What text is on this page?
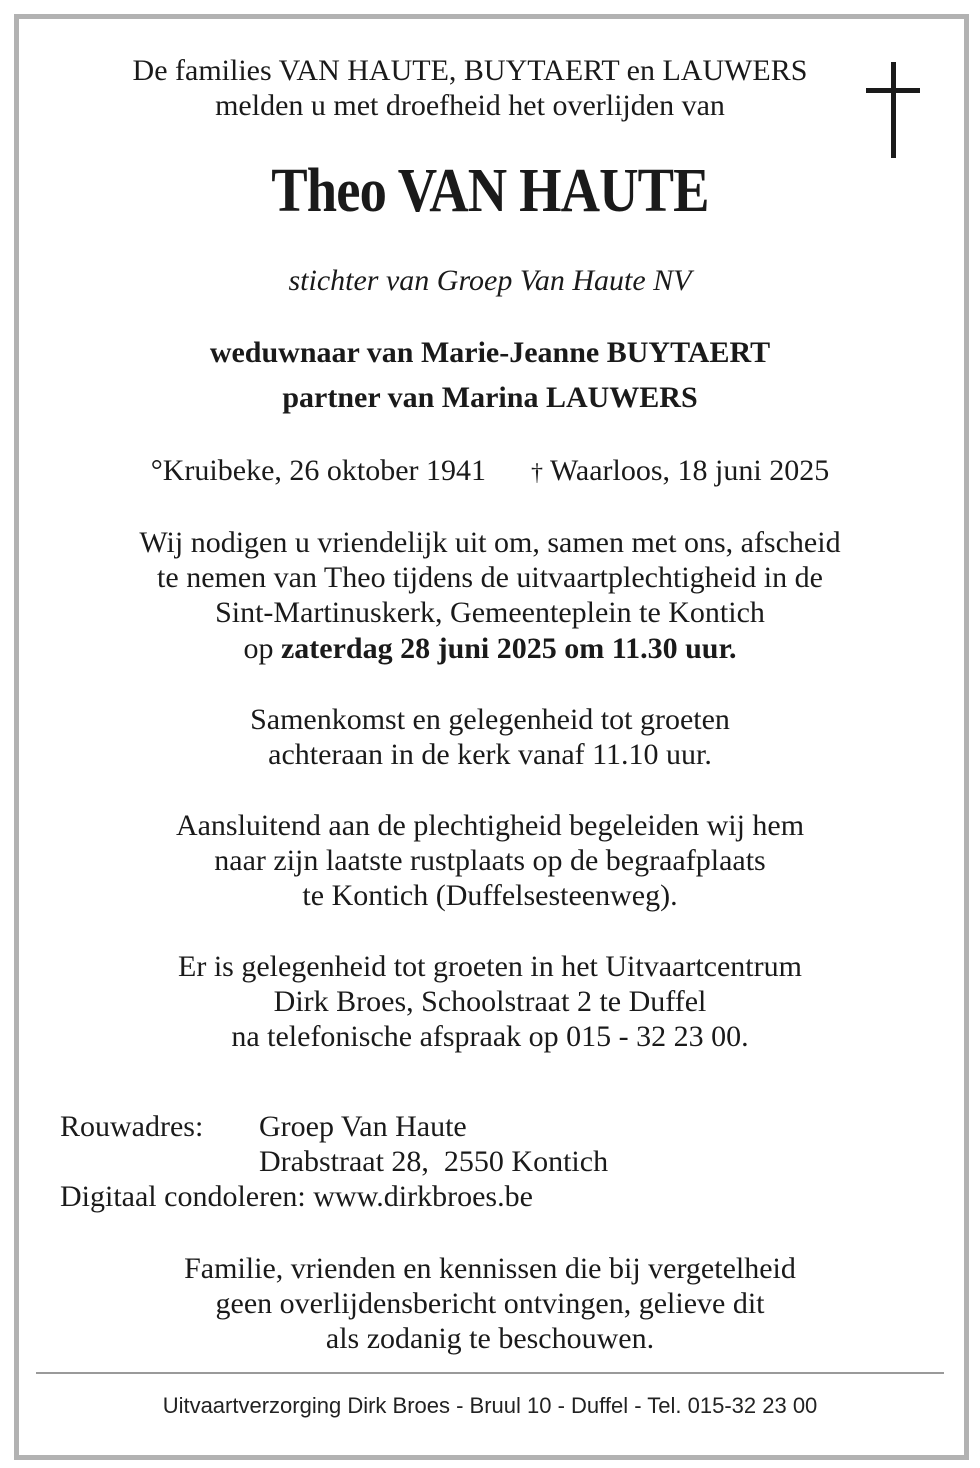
De families VAN HAUTE, BUYTAERT en LAUWERS
melden u met droefheid het overlijden van
Theo VAN HAUTE
stichter van Groep Van Haute NV
weduwnaar van Marie-Jeanne BUYTAERT
partner van Marina LAUWERS
°Kruibeke, 26 oktober 1941 † Waarloos, 18 juni 2025
Wij nodigen u vriendelijk uit om, samen met ons, afscheid
te nemen van Theo tijdens de uitvaartplechtigheid in de
Sint-Martinuskerk, Gemeenteplein te Kontich
op zaterdag 28 juni 2025 om 11.30 uur.
Samenkomst en gelegenheid tot groeten
achteraan in de kerk vanaf 11.10 uur.
Aansluitend aan de plechtigheid begeleiden wij hem
naar zijn laatste rustplaats op de begraafplaats
te Kontich (Duffelsesteenweg).
Er is gelegenheid tot groeten in het Uitvaartcentrum
Dirk Broes, Schoolstraat 2 te Duffel
na telefonische afspraak op 015 - 32 23 00.
Rouwadres: Groep Van Haute
Drabstraat 28,  2550 Kontich
Digitaal condoleren: www.dirkbroes.be
Familie, vrienden en kennissen die bij vergetelheid
geen overlijdensbericht ontvingen, gelieve dit
als zodanig te beschouwen.
Uitvaartverzorging Dirk Broes - Bruul 10 - Duffel - Tel. 015-32 23 00
